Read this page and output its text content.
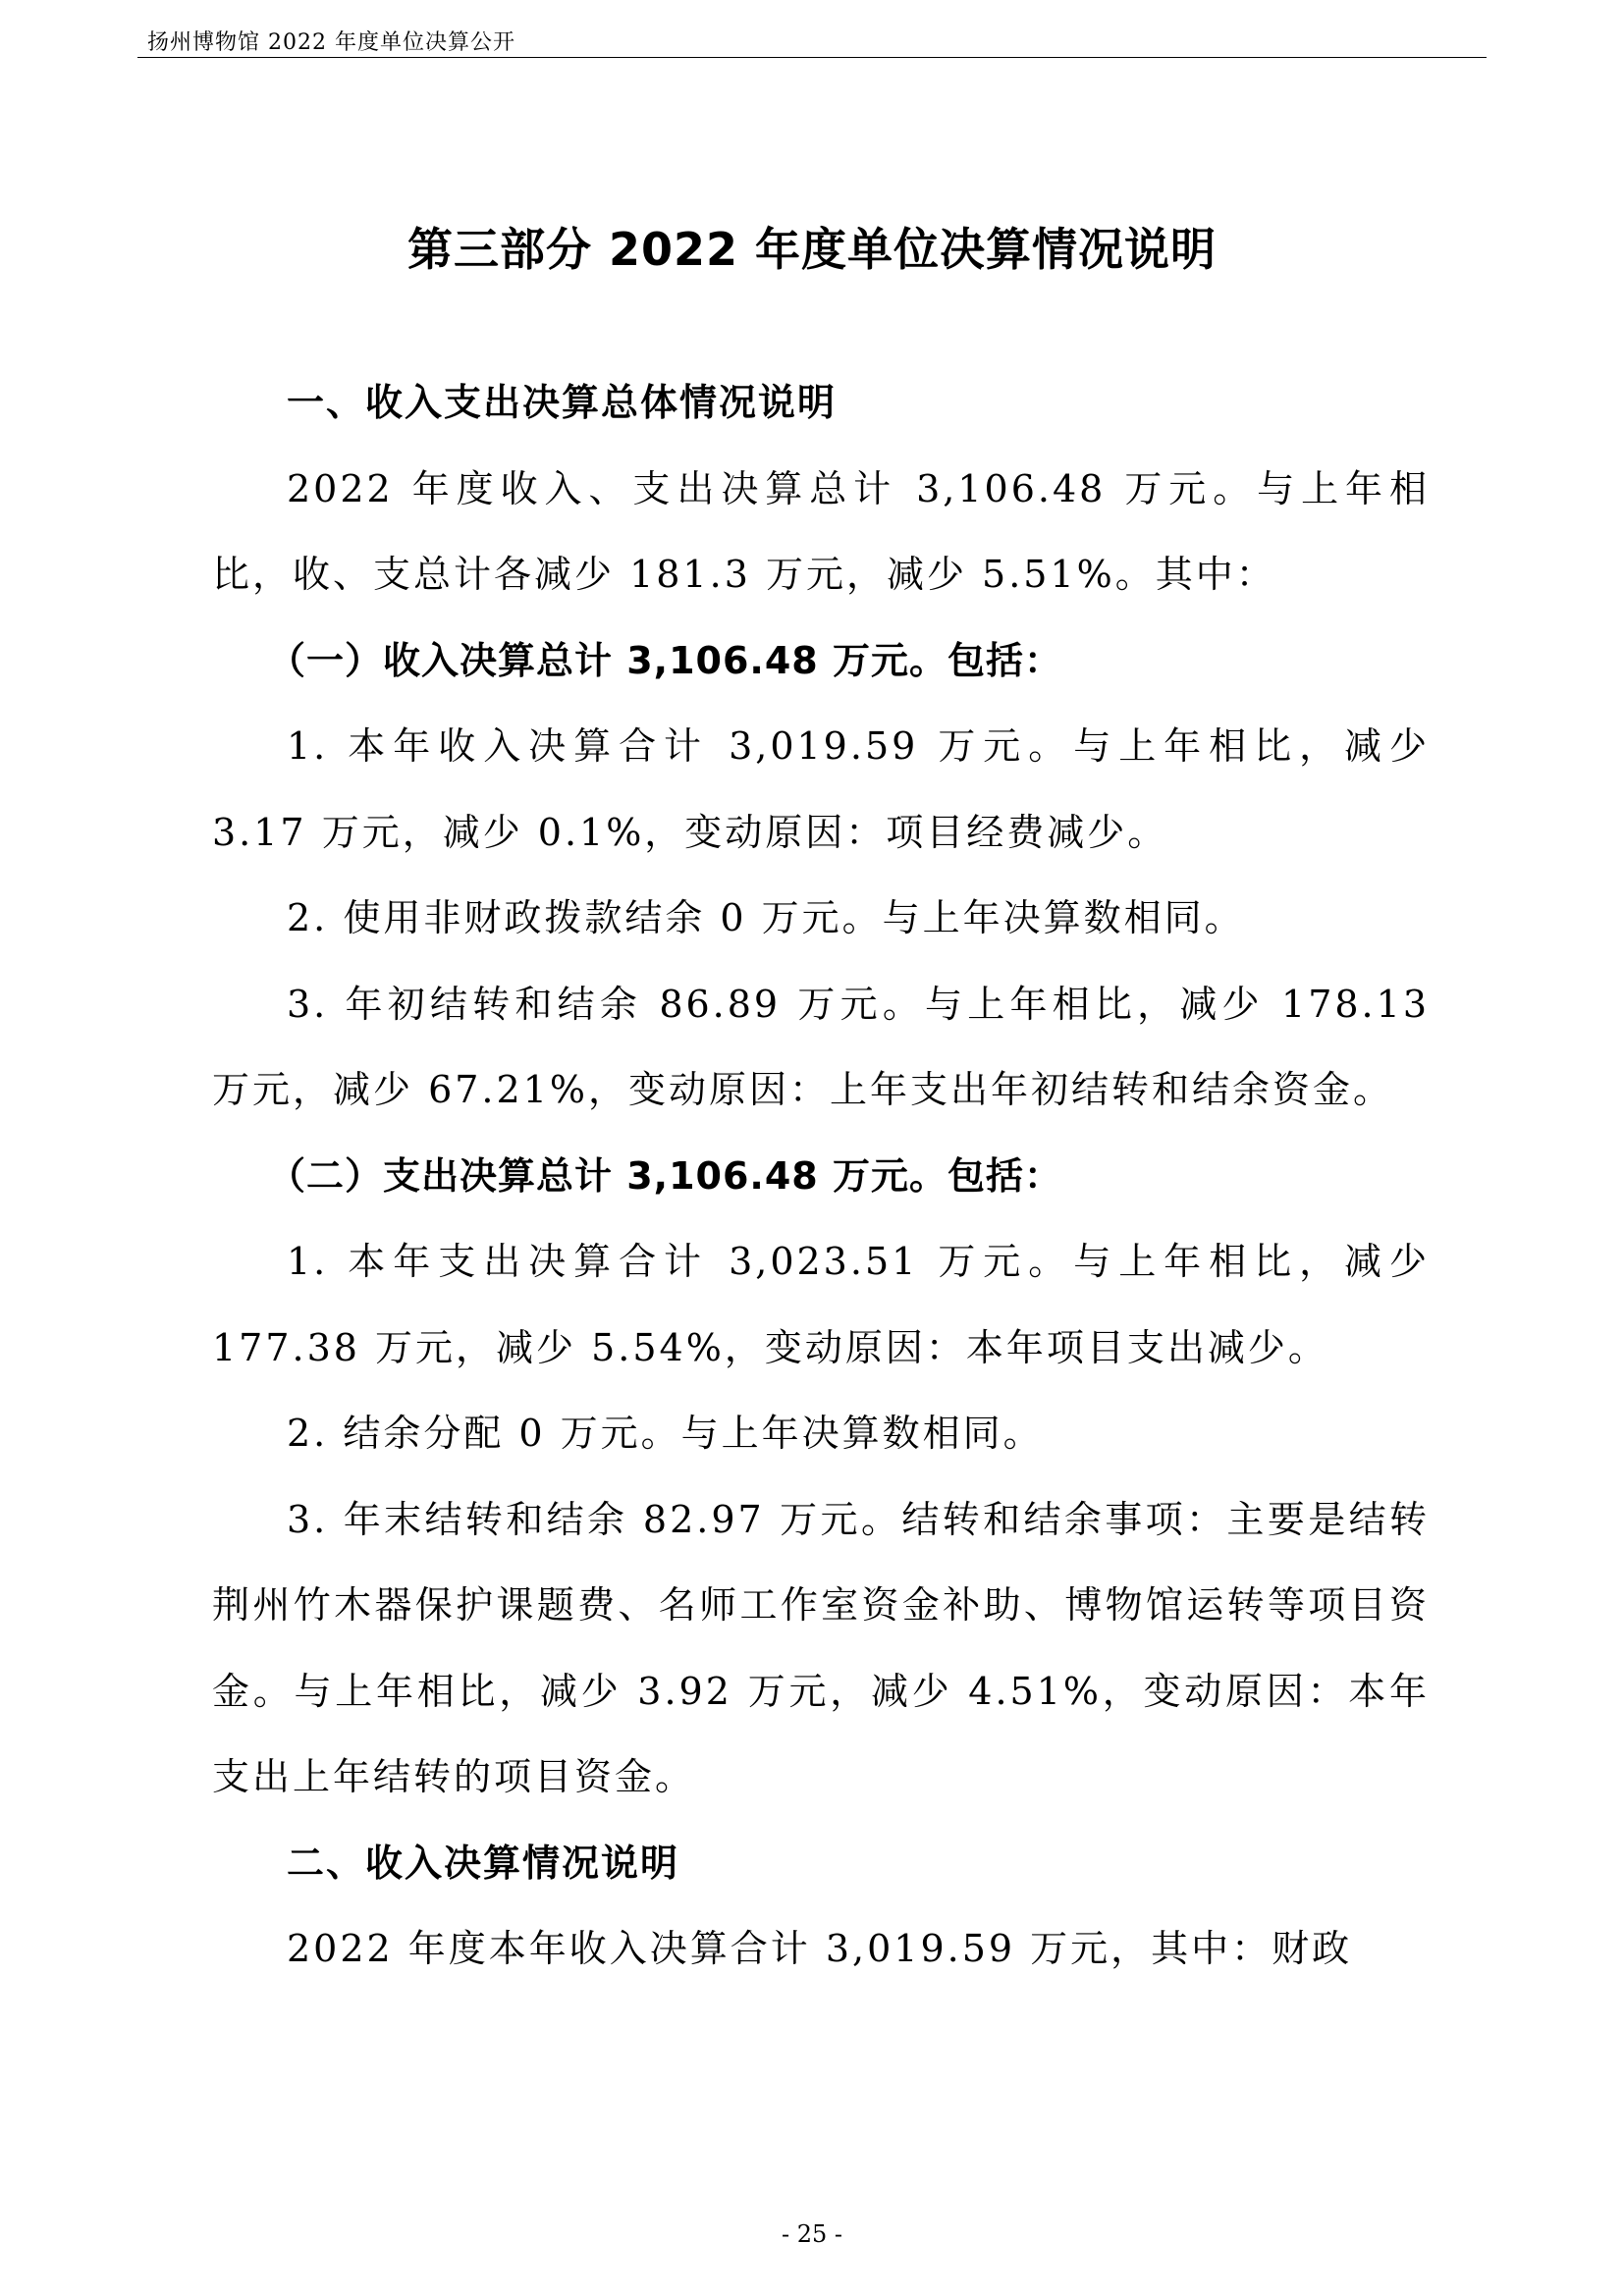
扬州博物馆 2022 年度单位决算公开
第三部分 2022 年度单位决算情况说明

一、收入支出决算总体情况说明

2022 年度收入、支出决算总计 3,106.48 万元。与上年相比，收、支总计各减少 181.3 万元，减少 5.51%。其中：

（一）收入决算总计 3,106.48 万元。包括：

1. 本年收入决算合计 3,019.59 万元。与上年相比，减少 3.17 万元，减少 0.1%，变动原因：项目经费减少。

2. 使用非财政拨款结余 0 万元。与上年决算数相同。

3. 年初结转和结余 86.89 万元。与上年相比，减少 178.13 万元，减少 67.21%，变动原因：上年支出年初结转和结余资金。

（二）支出决算总计 3,106.48 万元。包括：

1. 本年支出决算合计 3,023.51 万元。与上年相比，减少 177.38 万元，减少 5.54%，变动原因：本年项目支出减少。

2. 结余分配 0 万元。与上年决算数相同。

3. 年末结转和结余 82.97 万元。结转和结余事项：主要是结转荆州竹木器保护课题费、名师工作室资金补助、博物馆运转等项目资金。与上年相比，减少 3.92 万元，减少 4.51%，变动原因：本年支出上年结转的项目资金。

二、收入决算情况说明

2022 年度本年收入决算合计 3,019.59 万元，其中：财政

- 25 -
